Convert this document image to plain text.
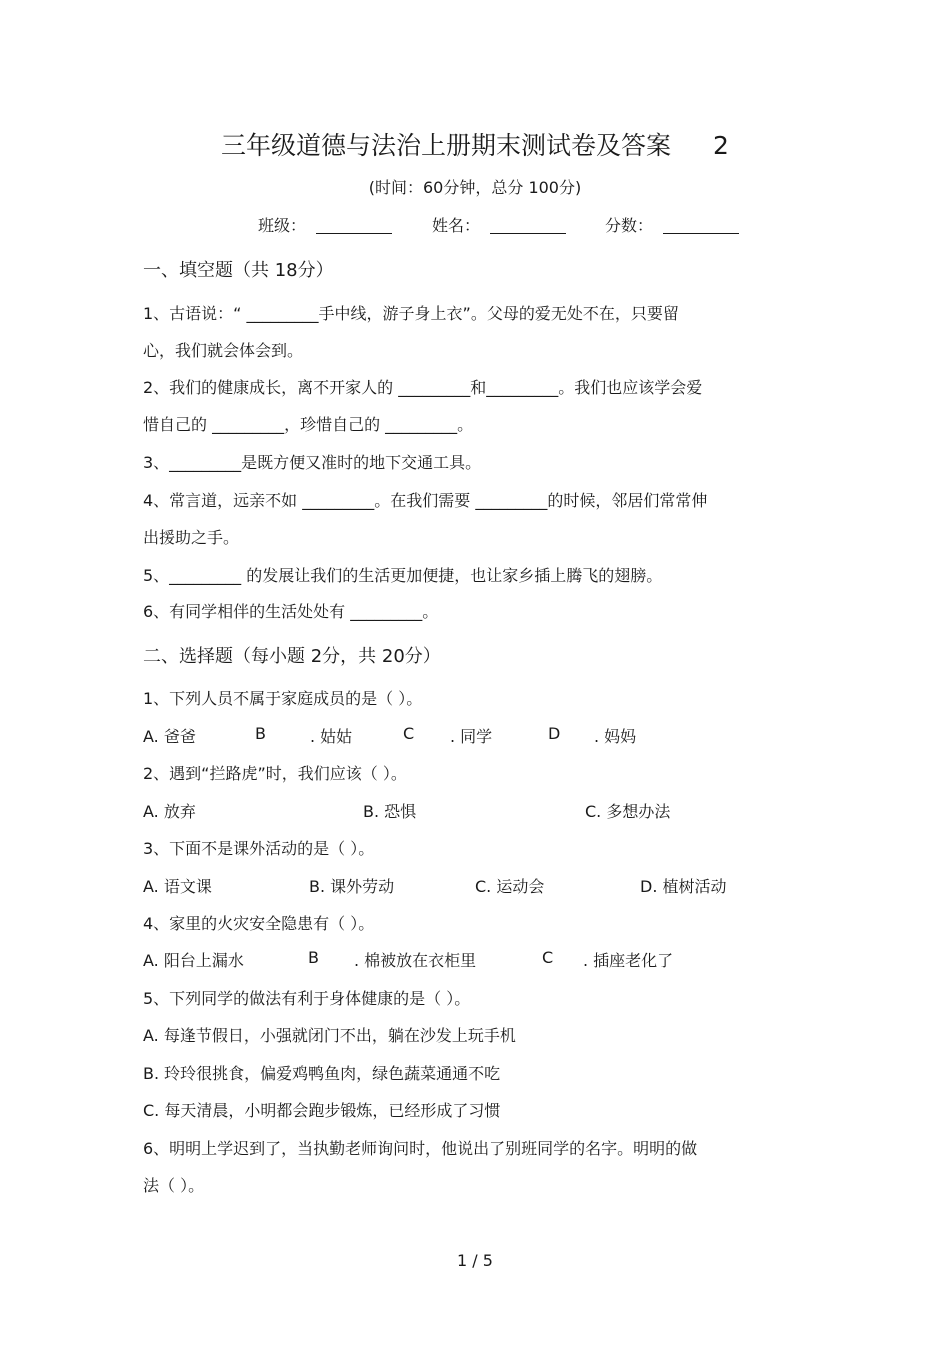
三年级道德与法治上册期末测试卷及答案 2
(时间：60分钟，总分 100分)
班级：	姓名：	分数：
一、填空题（共 18分）
1、古语说：“ _________手中线，游子身上衣”。父母的爱无处不在，只要留
心，我们就会体会到。
2、我们的健康成长，离不开家人的 _________和_________。我们也应该学会爱
惜自己的 _________，珍惜自己的 _________。
3、_________是既方便又准时的地下交通工具。
4、常言道，远亲不如 _________。在我们需要 _________的时候，邻居们常常伸
出援助之手。
5、_________ 的发展让我们的生活更加便捷，也让家乡插上腾飞的翅膀。
6、有同学相伴的生活处处有 _________。
二、选择题（每小题 2分，共 20分）
1、下列人员不属于家庭成员的是（ ）。
A. 爸爸	B	. 姑姑	C . 同学	D . 妈妈
2、遇到“拦路虎”时，我们应该（ ）。
A. 放弃	B. 恐惧	C. 多想办法
3、下面不是课外活动的是（ ）。
A. 语文课	B. 课外劳动	C. 运动会	D. 植树活动
4、家里的火灾安全隐患有（ ）。
A. 阳台上漏水	B . 棉被放在衣柜里	C . 插座老化了
5、下列同学的做法有利于身体健康的是（ ）。
A. 每逢节假日，小强就闭门不出，躺在沙发上玩手机
B. 玲玲很挑食，偏爱鸡鸭鱼肉，绿色蔬菜通通不吃
C. 每天清晨，小明都会跑步锻炼，已经形成了习惯
6、明明上学迟到了，当执勤老师询问时，他说出了别班同学的名字。明明的做
法（ ）。
1 / 5
